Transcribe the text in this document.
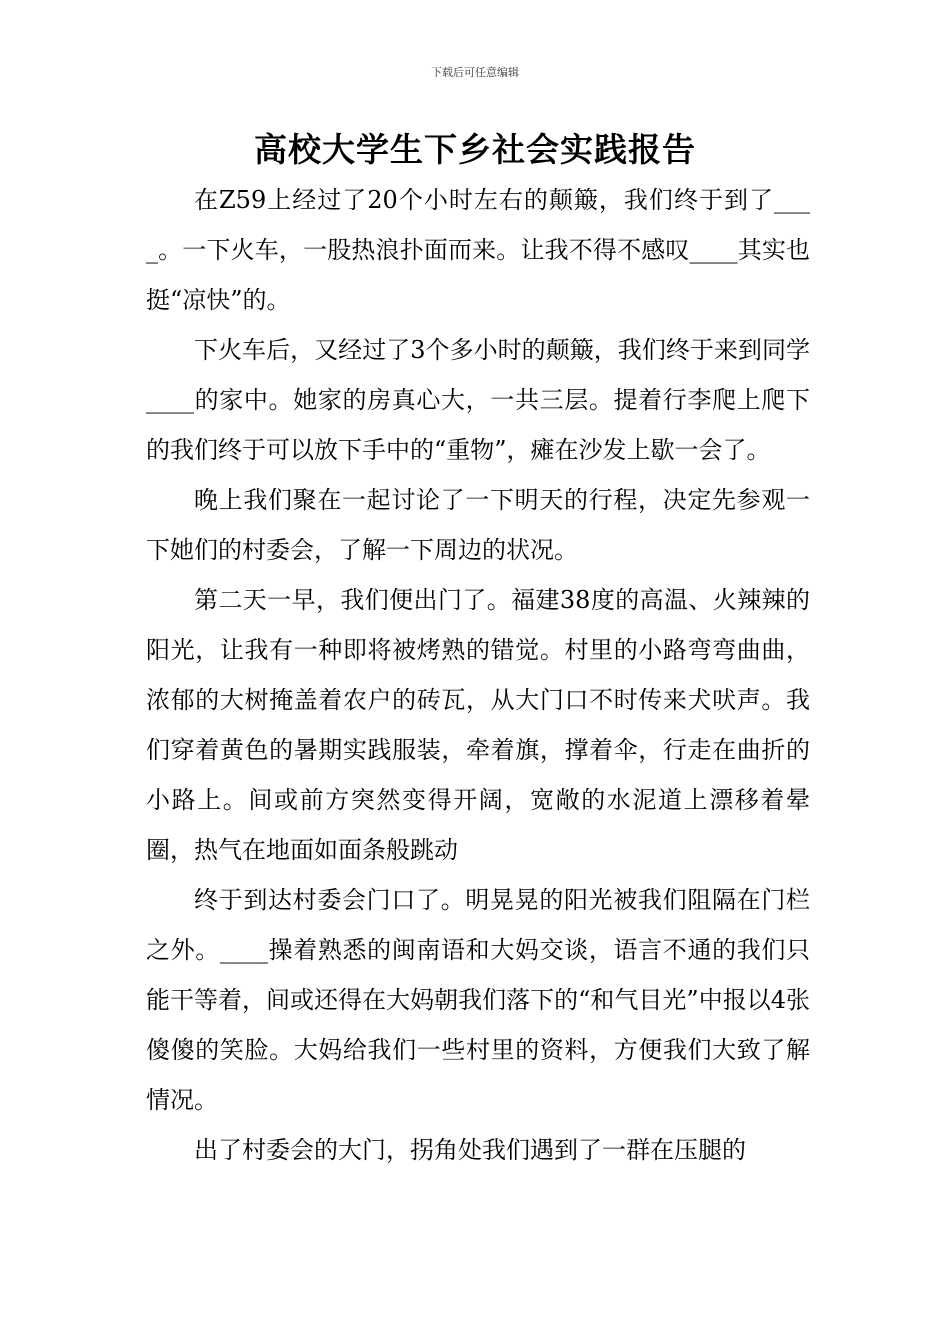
下载后可任意编辑
高校大学生下乡社会实践报告

在Z59上经过了20个小时左右的颠簸，我们终于到了____。一下火车，一股热浪扑面而来。让我不得不感叹____其实也挺“凉快”的。

下火车后，又经过了3个多小时的颠簸，我们终于来到同学____的家中。她家的房真心大，一共三层。提着行李爬上爬下的我们终于可以放下手中的“重物”，瘫在沙发上歇一会了。

晚上我们聚在一起讨论了一下明天的行程，决定先参观一下她们的村委会，了解一下周边的状况。

第二天一早，我们便出门了。福建38度的高温、火辣辣的阳光，让我有一种即将被烤熟的错觉。村里的小路弯弯曲曲，浓郁的大树掩盖着农户的砖瓦，从大门口不时传来犬吠声。我们穿着黄色的暑期实践服装，牵着旗，撑着伞，行走在曲折的小路上。间或前方突然变得开阔，宽敞的水泥道上漂移着晕圈，热气在地面如面条般跳动

终于到达村委会门口了。明晃晃的阳光被我们阻隔在门栏之外。____操着熟悉的闽南语和大妈交谈，语言不通的我们只能干等着，间或还得在大妈朝我们落下的“和气目光”中报以4张傻傻的笑脸。大妈给我们一些村里的资料，方便我们大致了解情况。

出了村委会的大门，拐角处我们遇到了一群在压腿的
